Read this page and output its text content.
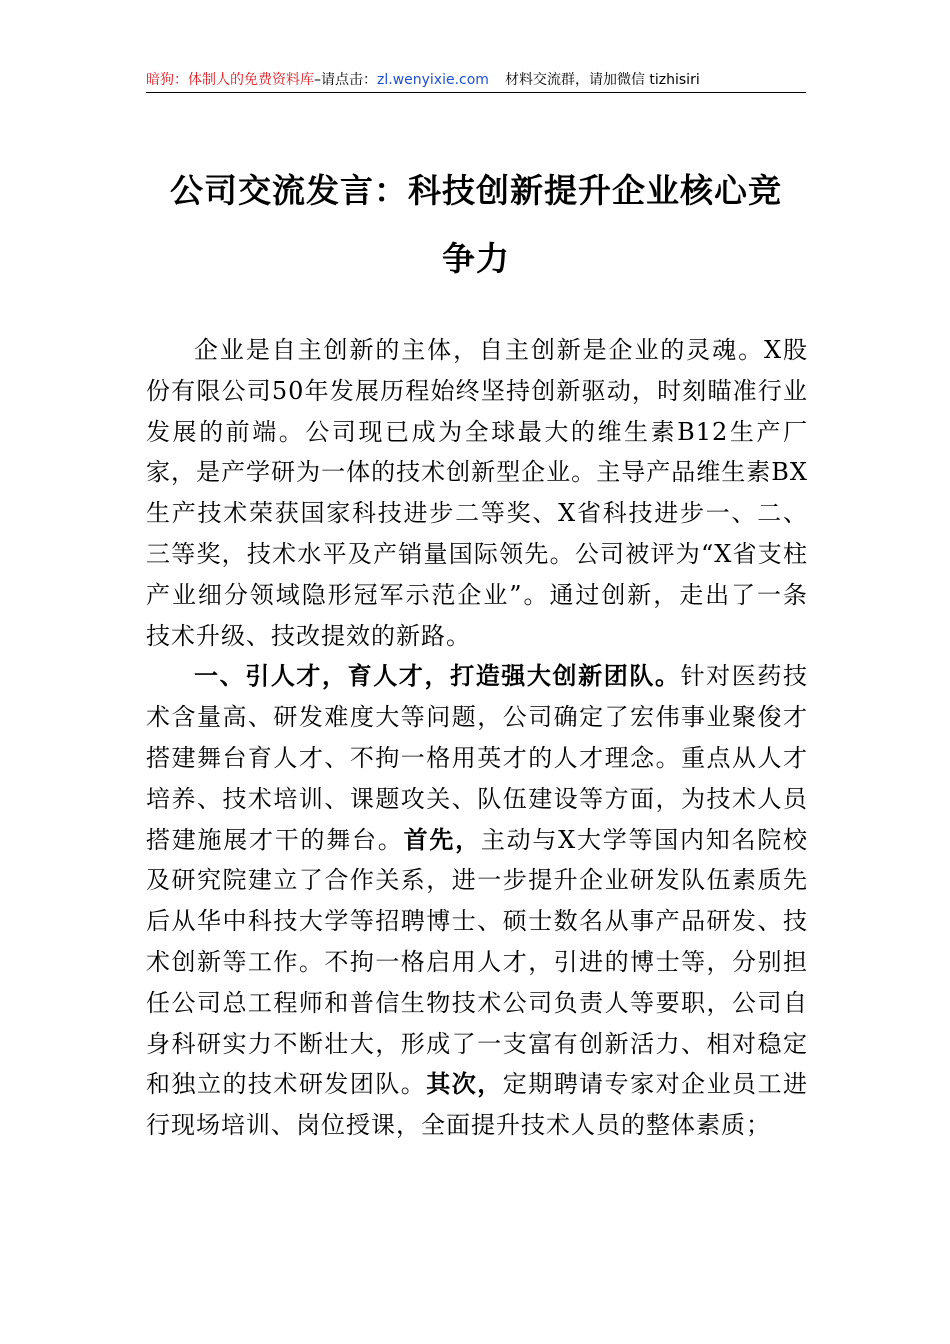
暗狗：体制人的免费资料库–请点击：zl.wenyixie.com 材料交流群，请加微信 tizhisiri
公司交流发言：科技创新提升企业核心竞
争力

企业是自主创新的主体，自主创新是企业的灵魂。X股份有限公司50年发展历程始终坚持创新驱动，时刻瞄准行业发展的前端。公司现已成为全球最大的维生素B12生产厂家，是产学研为一体的技术创新型企业。主导产品维生素BX生产技术荣获国家科技进步二等奖、X省科技进步一、二、三等奖，技术水平及产销量国际领先。公司被评为“X省支柱产业细分领域隐形冠军示范企业”。通过创新，走出了一条技术升级、技改提效的新路。

一、引人才，育人才，打造强大创新团队。针对医药技术含量高、研发难度大等问题，公司确定了宏伟事业聚俊才搭建舞台育人才、不拘一格用英才的人才理念。重点从人才培养、技术培训、课题攻关、队伍建设等方面，为技术人员搭建施展才干的舞台。首先，主动与X大学等国内知名院校及研究院建立了合作关系，进一步提升企业研发队伍素质先后从华中科技大学等招聘博士、硕士数名从事产品研发、技术创新等工作。不拘一格启用人才，引进的博士等，分别担任公司总工程师和普信生物技术公司负责人等要职，公司自身科研实力不断壮大，形成了一支富有创新活力、相对稳定和独立的技术研发团队。其次，定期聘请专家对企业员工进行现场培训、岗位授课，全面提升技术人员的整体素质；
